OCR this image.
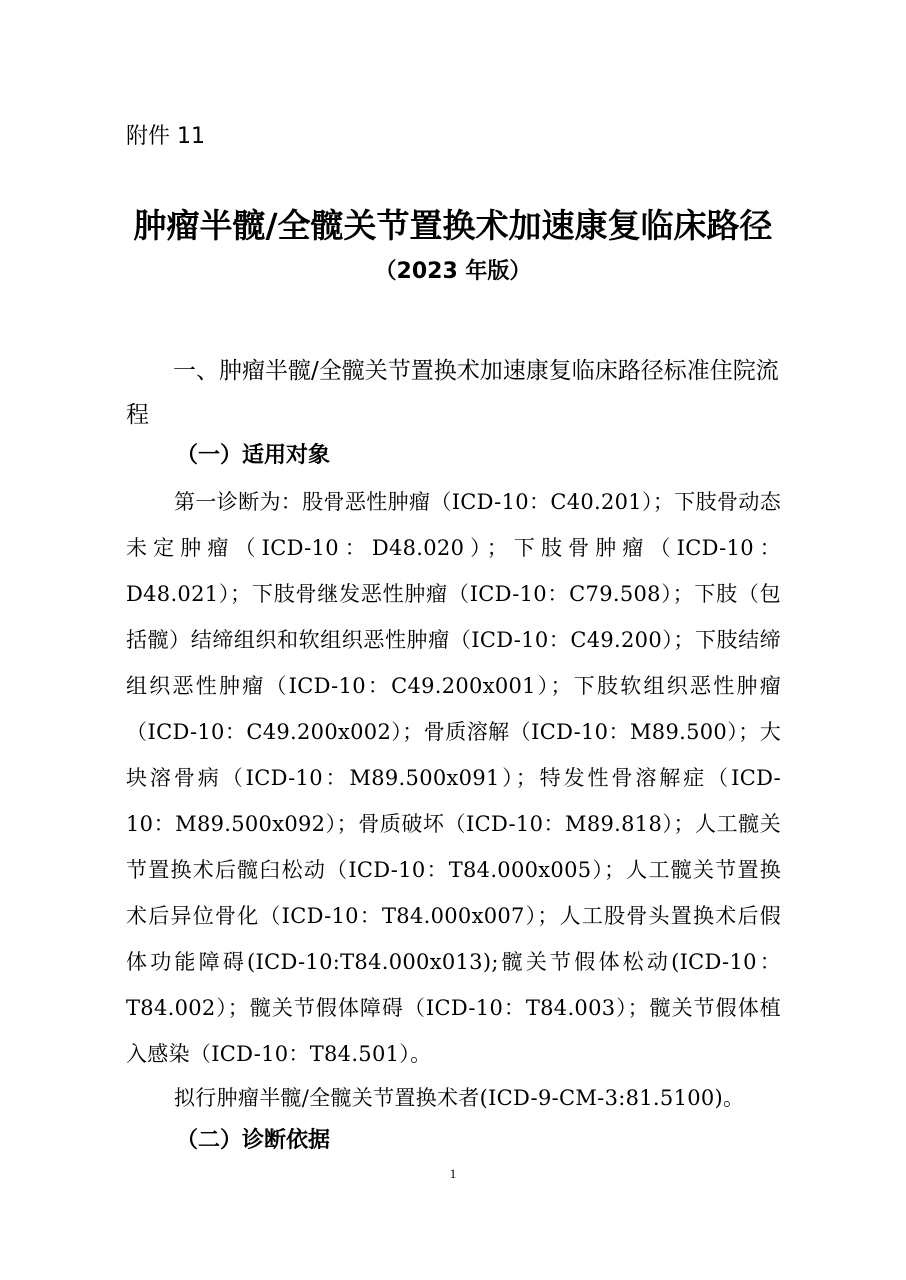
附件 11
肿瘤半髋/全髋关节置换术加速康复临床路径
（2023 年版）

一、肿瘤半髋/全髋关节置换术加速康复临床路径标准住院流程

（一）适用对象

第一诊断为：股骨恶性肿瘤（ICD-10：C40.201）；下肢骨动态未定肿瘤（ICD-10：D48.020）；下肢骨肿瘤（ICD-10：D48.021）；下肢骨继发恶性肿瘤（ICD-10：C79.508）；下肢（包括髋）结缔组织和软组织恶性肿瘤（ICD-10：C49.200）；下肢结缔组织恶性肿瘤（ICD-10：C49.200x001）；下肢软组织恶性肿瘤（ICD-10：C49.200x002）；骨质溶解（ICD-10：M89.500）；大块溶骨病（ICD-10：M89.500x091）；特发性骨溶解症（ICD-10：M89.500x092）；骨质破坏（ICD-10：M89.818）；人工髋关节置换术后髋臼松动（ICD-10：T84.000x005）；人工髋关节置换术后异位骨化（ICD-10：T84.000x007）；人工股骨头置换术后假体功能障碍(ICD-10:T84.000x013);髋关节假体松动(ICD-10：T84.002）；髋关节假体障碍（ICD-10：T84.003）；髋关节假体植入感染（ICD-10：T84.501）。

拟行肿瘤半髋/全髋关节置换术者(ICD-9-CM-3:81.5100)。

（二）诊断依据
1
